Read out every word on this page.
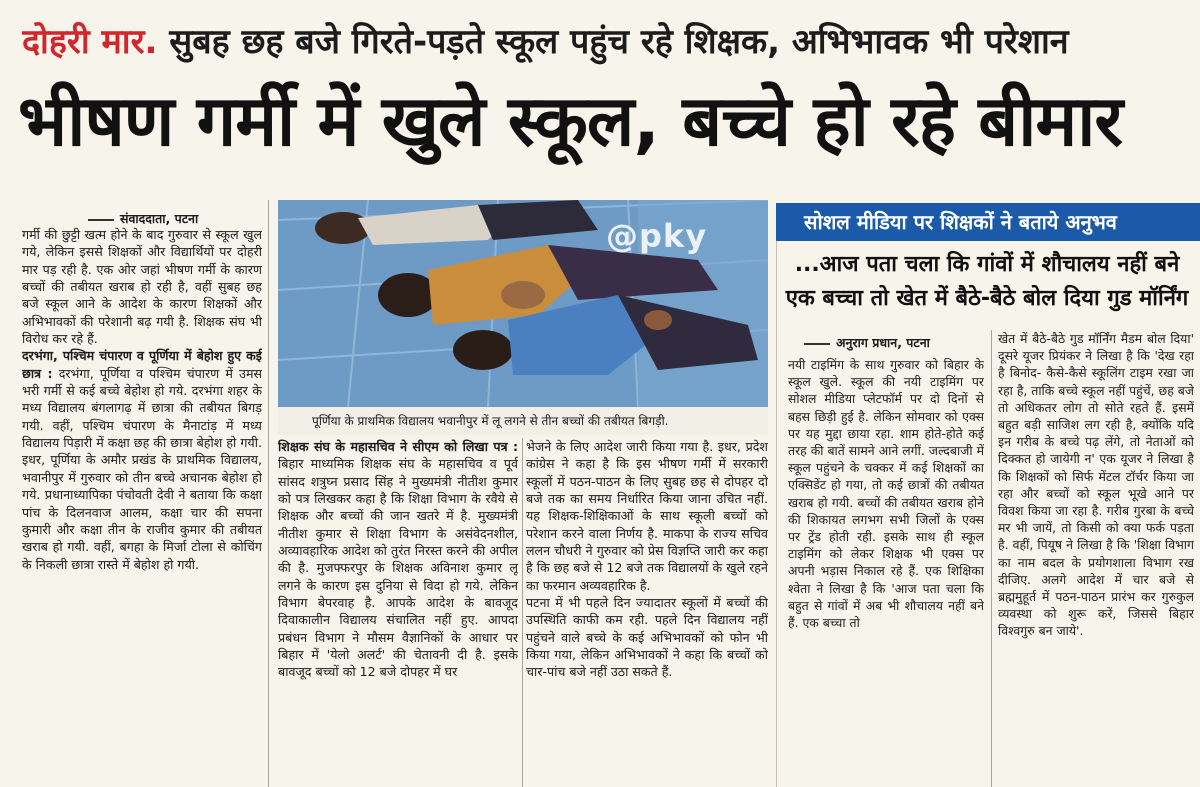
दोहरी मार. सुबह छह बजे गिरते-पड़ते स्कूल पहुंच रहे शिक्षक, अभिभावक भी परेशान
भीषण गर्मी में खुले स्कूल, बच्चे हो रहे बीमार
संवाददाता, पटना

गर्मी की छुट्टी खत्म होने के बाद गुरुवार से स्कूल खुल गये, लेकिन इससे शिक्षकों और विद्यार्थियों पर दोहरी मार पड़ रही है. एक ओर जहां भीषण गर्मी के कारण बच्चों की तबीयत खराब हो रही है, वहीं सुबह छह बजे स्कूल आने के आदेश के कारण शिक्षकों और अभिभावकों की परेशानी बढ़ गयी है. शिक्षक संघ भी विरोध कर रहे हैं.

दरभंगा, पश्चिम चंपारण व पूर्णिया में बेहोश हुए कई छात्र : दरभंगा, पूर्णिया व पश्चिम चंपारण में उमस भरी गर्मी से कई बच्चे बेहोश हो गये. दरभंगा शहर के मध्य विद्यालय बंगलागढ़ में छात्रा की तबीयत बिगड़ गयी. वहीं, पश्चिम चंपारण के मैनाटांड़ में मध्य विद्यालय पिड़ारी में कक्षा छह की छात्रा बेहोश हो गयी. इधर, पूर्णिया के अमौर प्रखंड के प्राथमिक विद्यालय, भवानीपुर में गुरुवार को तीन बच्चे अचानक बेहोश हो गये. प्रधानाध्यापिका पंचोवती देवी ने बताया कि कक्षा पांच के दिलनवाज आलम, कक्षा चार की सपना कुमारी और कक्षा तीन के राजीव कुमार की तबीयत खराब हो गयी. वहीं, बगहा के मिर्जा टोला से कोचिंग के निकली छात्रा रास्ते में बेहोश हो गयी.

@pky
पूर्णिया के प्राथमिक विद्यालय भवानीपुर में लू लगने से तीन बच्चों की तबीयत बिगड़ी.

शिक्षक संघ के महासचिव ने सीएम को लिखा पत्र : बिहार माध्यमिक शिक्षक संघ के महासचिव व पूर्व सांसद शत्रुघ्न प्रसाद सिंह ने मुख्यमंत्री नीतीश कुमार को पत्र लिखकर कहा है कि शिक्षा विभाग के रवैये से शिक्षक और बच्चों की जान खतरे में है. मुख्यमंत्री नीतीश कुमार से शिक्षा विभाग के असंवेदनशील, अव्यावहारिक आदेश को तुरंत निरस्त करने की अपील की है. मुजफ्फरपुर के शिक्षक अविनाश कुमार लू लगने के कारण इस दुनिया से विदा हो गये. लेकिन विभाग बेपरवाह है. आपके आदेश के बावजूद दिवाकालीन विद्यालय संचालित नहीं हुए. आपदा प्रबंधन विभाग ने मौसम वैज्ञानिकों के आधार पर बिहार में 'येलो अलर्ट' की चेतावनी दी है. इसके बावजूद बच्चों को 12 बजे दोपहर में घर

भेजने के लिए आदेश जारी किया गया है. इधर, प्रदेश कांग्रेस ने कहा है कि इस भीषण गर्मी में सरकारी स्कूलों में पठन-पाठन के लिए सुबह छह से दोपहर दो बजे तक का समय निर्धारित किया जाना उचित नहीं. यह शिक्षक-शिक्षिकाओं के साथ स्कूली बच्चों को परेशान करने वाला निर्णय है. माकपा के राज्य सचिव ललन चौधरी ने गुरुवार को प्रेस विज्ञप्ति जारी कर कहा है कि छह बजे से 12 बजे तक विद्यालयों के खुले रहने का फरमान अव्यवहारिक है.

पटना में भी पहले दिन ज्यादातर स्कूलों में बच्चों की उपस्थिति काफी कम रही. पहले दिन विद्यालय नहीं पहुंचने वाले बच्चे के कई अभिभावकों को फोन भी किया गया, लेकिन अभिभावकों ने कहा कि बच्चों को चार-पांच बजे नहीं उठा सकते हैं.

सोशल मीडिया पर शिक्षकों ने बताये अनुभव
...आज पता चला कि गांवों में शौचालय नहीं बने
एक बच्चा तो खेत में बैठे-बैठे बोल दिया गुड मॉर्निंग
अनुराग प्रधान, पटना

नयी टाइमिंग के साथ गुरुवार को बिहार के स्कूल खुले. स्कूल की नयी टाइमिंग पर सोशल मीडिया प्लेटफॉर्म पर दो दिनों से बहस छिड़ी हुई है. लेकिन सोमवार को एक्स पर यह मुद्दा छाया रहा. शाम होते-होते कई तरह की बातें सामने आने लगीं. जल्दबाजी में स्कूल पहुंचने के चक्कर में कई शिक्षकों का एक्सिडेंट हो गया, तो कई छात्रों की तबीयत खराब हो गयी. बच्चों की तबीयत खराब होने की शिकायत लगभग सभी जिलों के एक्स पर ट्रेंड होती रही. इसके साथ ही स्कूल टाइमिंग को लेकर शिक्षक भी एक्स पर अपनी भड़ास निकाल रहे हैं. एक शिक्षिका श्वेता ने लिखा है कि 'आज पता चला कि बहुत से गांवों में अब भी शौचालय नहीं बने हैं. एक बच्चा तो

खेत में बैठे-बैठे गुड मॉर्निंग मैडम बोल दिया' दूसरे यूजर प्रियंकर ने लिखा है कि 'देख रहा है बिनोद- कैसे-कैसे स्कूलिंग टाइम रखा जा रहा है, ताकि बच्चे स्कूल नहीं पहुंचें, छह बजे तो अधिकतर लोग तो सोते रहते हैं. इसमें बहुत बड़ी साजिश लग रही है, क्योंकि यदि इन गरीब के बच्चे पढ़ लेंगे, तो नेताओं को दिक्कत हो जायेगी न' एक यूजर ने लिखा है कि शिक्षकों को सिर्फ मेंटल टॉर्चर किया जा रहा और बच्चों को स्कूल भूखे आने पर विवश किया जा रहा है. गरीब गुरबा के बच्चे मर भी जायें, तो किसी को क्या फर्क पड़ता है. वहीं, पियूष ने लिखा है कि 'शिक्षा विभाग का नाम बदल के प्रयोगशाला विभाग रख दीजिए. अलगे आदेश में चार बजे से ब्रह्ममुहूर्त में पठन-पाठन प्रारंभ कर गुरुकुल व्यवस्था को शुरू करें, जिससे बिहार विश्वगुरु बन जाये'.
